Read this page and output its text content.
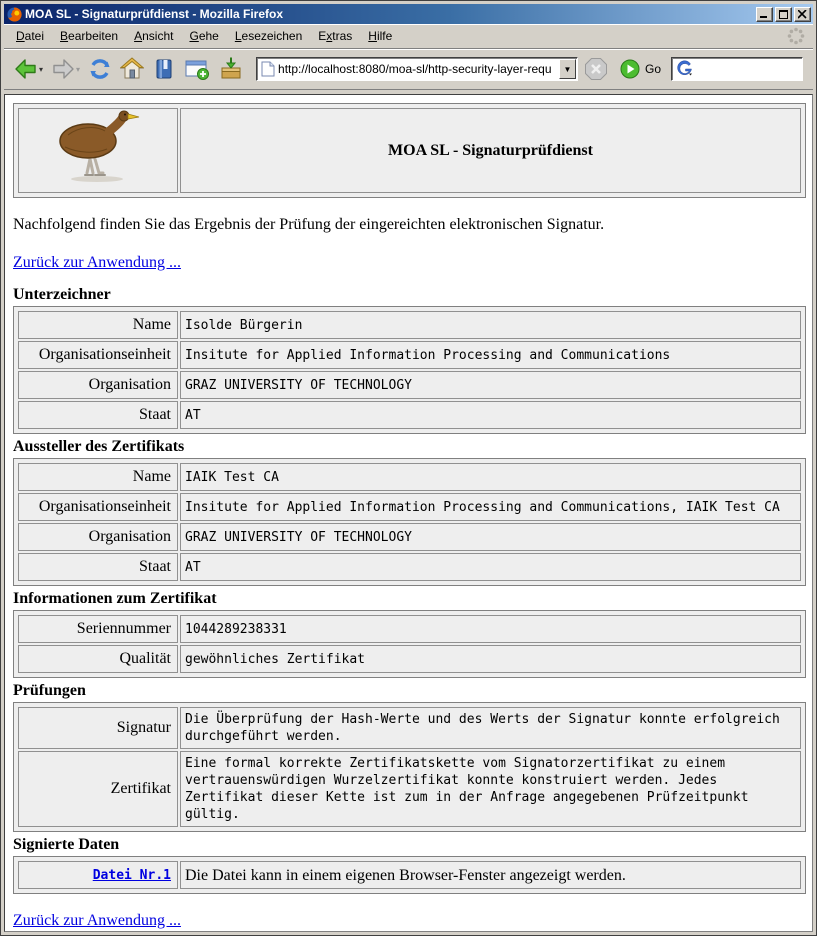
MOA SL - Signaturprüfdienst - Mozilla Firefox
Datei	Bearbeiten	Ansicht	Gehe	Lesezeichen	Extras	Hilfe
▾	▾	http://localhost:8080/moa-sl/http-security-layer-requ	▼	Go
	MOA SL - Signaturprüfdienst

Nachfolgend finden Sie das Ergebnis der Prüfung der eingereichten elektronischen Signatur.

Zurück zur Anwendung ...

Unterzeichner
Name	Isolde Bürgerin
Organisationseinheit	Insitute for Applied Information Processing and Communications
Organisation	GRAZ UNIVERSITY OF TECHNOLOGY
Staat	AT
Aussteller des Zertifikats
Name	IAIK Test CA
Organisationseinheit	Insitute for Applied Information Processing and Communications, IAIK Test CA
Organisation	GRAZ UNIVERSITY OF TECHNOLOGY
Staat	AT
Informationen zum Zertifikat
Seriennummer	1044289238331
Qualität	gewöhnliches Zertifikat
Prüfungen
Signatur	Die Überprüfung der Hash-Werte und des Werts der Signatur konnte erfolgreich durchgeführt werden.
Zertifikat	Eine formal korrekte Zertifikatskette vom Signatorzertifikat zu einem vertrauenswürdigen Wurzelzertifikat konnte konstruiert werden. Jedes Zertifikat dieser Kette ist zum in der Anfrage angegebenen Prüfzeitpunkt gültig.
Signierte Daten
Datei Nr.1	Die Datei kann in einem eigenen Browser-Fenster angezeigt werden.

Zurück zur Anwendung ...
